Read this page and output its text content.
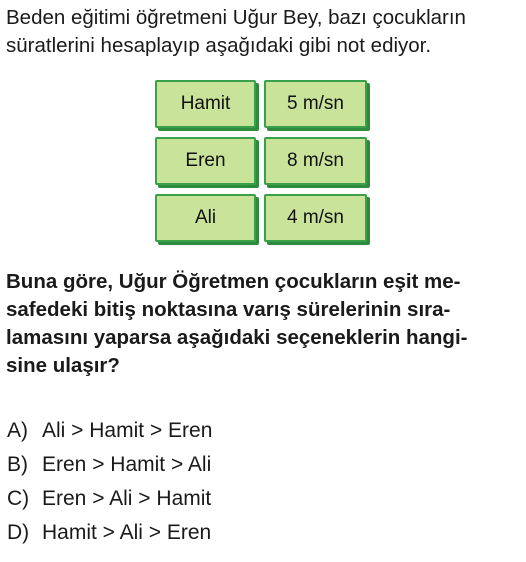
Beden eğitimi öğretmeni Uğur Bey, bazı çocukların

süratlerini hesaplayıp aşağıdaki gibi not ediyor.

Hamit	5 m/sn
Eren	8 m/sn
Ali	4 m/sn
Buna göre, Uğur Öğretmen çocukların eşit me-
safedeki bitiş noktasına varış sürelerinin sıra-
lamasını yaparsa aşağıdaki seçeneklerin hangi-
sine ulaşır?
A) Ali > Hamit > Eren
B) Eren > Hamit > Ali
C) Eren > Ali > Hamit
D) Hamit > Ali > Eren
